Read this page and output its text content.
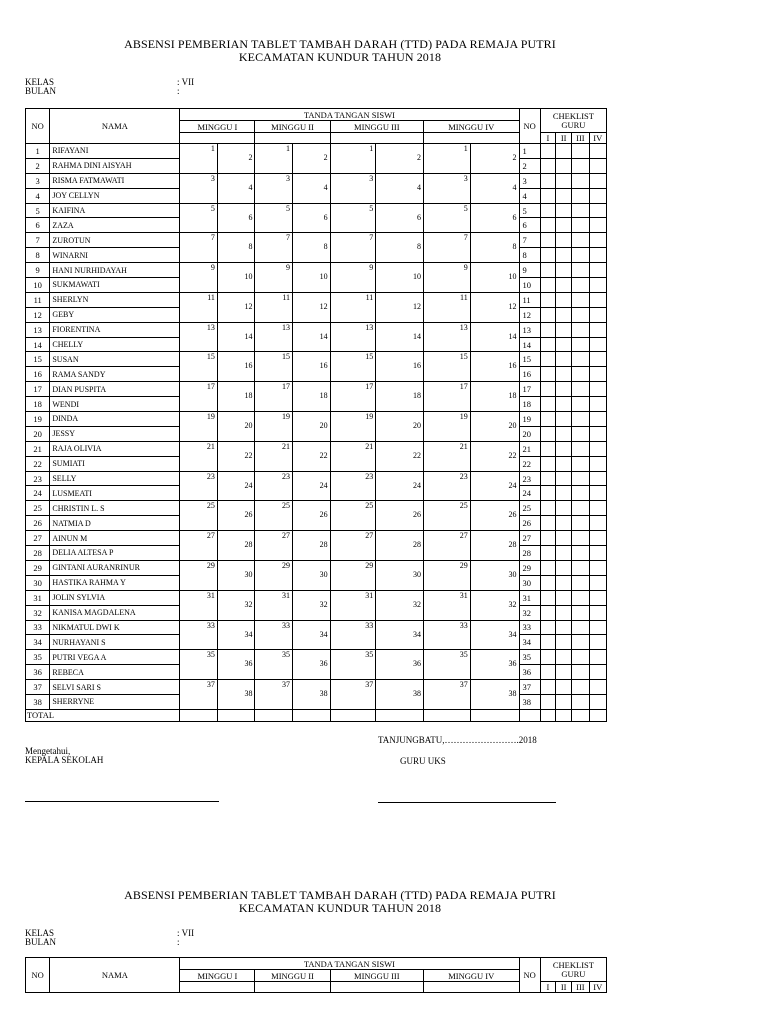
ABSENSI PEMBERIAN TABLET TAMBAH DARAH (TTD) PADA REMAJA PUTRI
KECAMATAN KUNDUR TAHUN 2018
KELAS	: VII
BULAN	:
NO	NAMA	TANDA TANGAN SISWI								NO	CHEKLIST GURU			
		MINGGU I		MINGGU II		MINGGU III		MINGGU IV						
											I	II	III	IV
1	RIFAYANI	1	2	1	2	1	2	1	2	1				
2	RAHMA DINI AISYAH									2				
3	RISMA FATMAWATI	3	4	3	4	3	4	3	4	3				
4	JOY CELLYN									4				
5	KAIFINA	5	6	5	6	5	6	5	6	5				
6	ZAZA									6				
7	ZUROTUN	7	8	7	8	7	8	7	8	7				
8	WINARNI									8				
9	HANI NURHIDAYAH	9	10	9	10	9	10	9	10	9				
10	SUKMAWATI									10				
11	SHERLYN	11	12	11	12	11	12	11	12	11				
12	GEBY									12				
13	FIORENTINA	13	14	13	14	13	14	13	14	13				
14	CHELLY									14				
15	SUSAN	15	16	15	16	15	16	15	16	15				
16	RAMA SANDY									16				
17	DIAN PUSPITA	17	18	17	18	17	18	17	18	17				
18	WENDI									18				
19	DINDA	19	20	19	20	19	20	19	20	19				
20	JESSY									20				
21	RAJA OLIVIA	21	22	21	22	21	22	21	22	21				
22	SUMIATI									22				
23	SELLY	23	24	23	24	23	24	23	24	23				
24	LUSMEATI									24				
25	CHRISTIN L. S	25	26	25	26	25	26	25	26	25				
26	NATMIA D									26				
27	AINUN M	27	28	27	28	27	28	27	28	27				
28	DELIA ALTESA P									28				
29	GINTANI AURANRINUR	29	30	29	30	29	30	29	30	29				
30	HASTIKA RAHMA Y									30				
31	JOLIN SYLVIA	31	32	31	32	31	32	31	32	31				
32	KANISA MAGDALENA									32				
33	NIKMATUL DWI K	33	34	33	34	33	34	33	34	33				
34	NURHAYANI S									34				
35	PUTRI VEGA A	35	36	35	36	35	36	35	36	35				
36	REBECA									36				
37	SELVI SARI S	37	38	37	38	37	38	37	38	37				
38	SHERRYNE									38				
TOTAL														
TANJUNGBATU,…………………….2018
Mengetahui,
KEPALA SEKOLAH	GURU UKS
ABSENSI PEMBERIAN TABLET TAMBAH DARAH (TTD) PADA REMAJA PUTRI
KECAMATAN KUNDUR TAHUN 2018
KELAS	: VII
BULAN	:
NO	NAMA	TANDA TANGAN SISWI				NO	CHEKLIST GURU			
		MINGGU I	MINGGU II	MINGGU III	MINGGU IV					
							I	II	III	IV
